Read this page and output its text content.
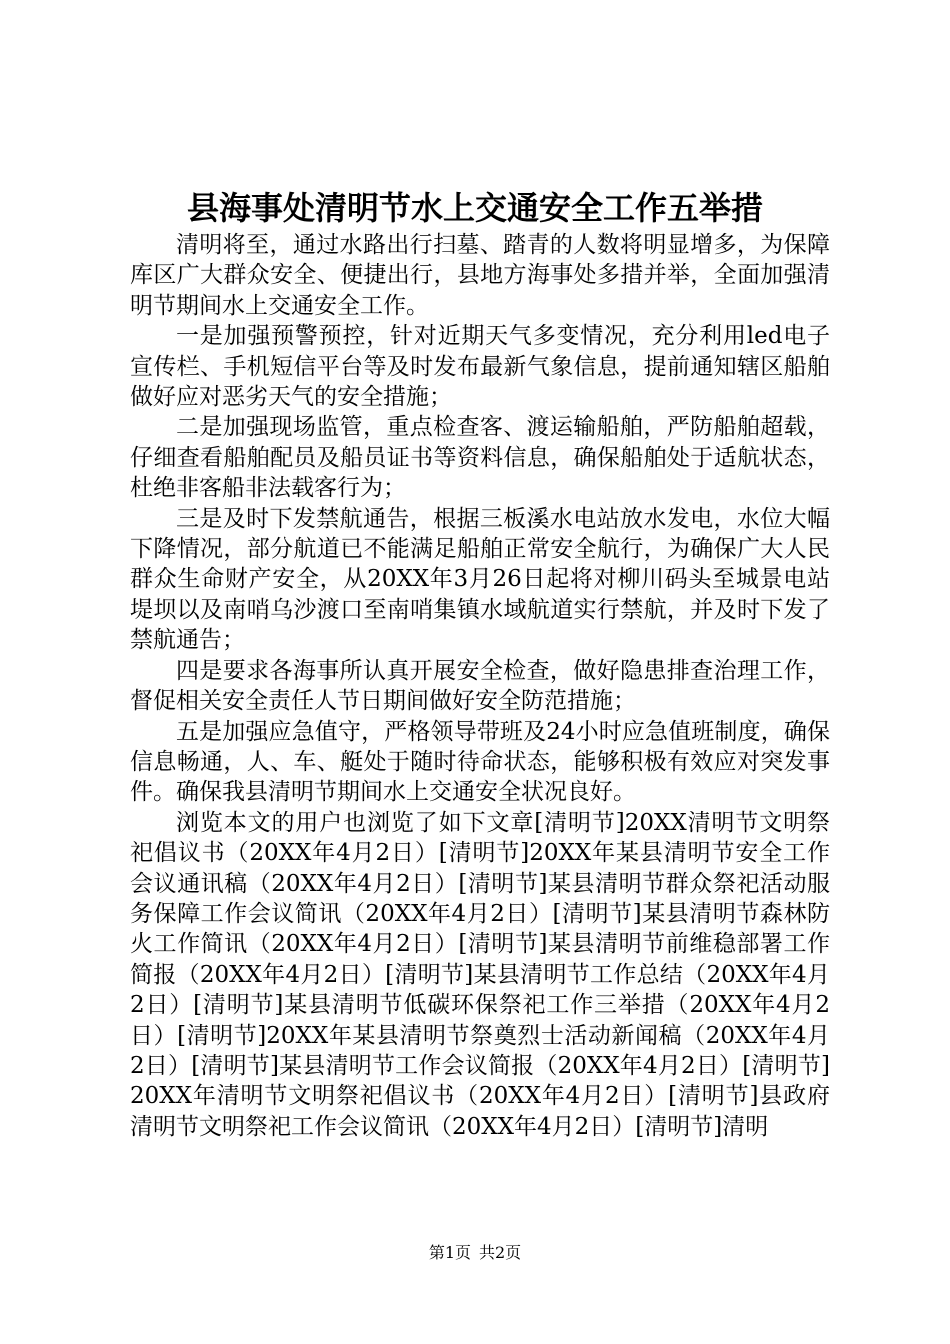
县海事处清明节水上交通安全工作五举措

清明将至，通过水路出行扫墓、踏青的人数将明显增多，为保障库区广大群众安全、便捷出行，县地方海事处多措并举，全面加强清明节期间水上交通安全工作。

一是加强预警预控，针对近期天气多变情况，充分利用led电子宣传栏、手机短信平台等及时发布最新气象信息，提前通知辖区船舶做好应对恶劣天气的安全措施；

二是加强现场监管，重点检查客、渡运输船舶，严防船舶超载，仔细查看船舶配员及船员证书等资料信息，确保船舶处于适航状态，杜绝非客船非法载客行为；

三是及时下发禁航通告，根据三板溪水电站放水发电，水位大幅下降情况，部分航道已不能满足船舶正常安全航行，为确保广大人民群众生命财产安全，从20XX年3月26日起将对柳川码头至城景电站堤坝以及南哨乌沙渡口至南哨集镇水域航道实行禁航，并及时下发了禁航通告；

四是要求各海事所认真开展安全检查，做好隐患排查治理工作，督促相关安全责任人节日期间做好安全防范措施；

五是加强应急值守，严格领导带班及24小时应急值班制度，确保信息畅通，人、车、艇处于随时待命状态，能够积极有效应对突发事件。确保我县清明节期间水上交通安全状况良好。

浏览本文的用户也浏览了如下文章[清明节]20XX清明节文明祭祀倡议书（20XX年4月2日）[清明节]20XX年某县清明节安全工作会议通讯稿（20XX年4月2日）[清明节]某县清明节群众祭祀活动服务保障工作会议简讯（20XX年4月2日）[清明节]某县清明节森林防火工作简讯（20XX年4月2日）[清明节]某县清明节前维稳部署工作简报（20XX年4月2日）[清明节]某县清明节工作总结（20XX年4月2日）[清明节]某县清明节低碳环保祭祀工作三举措（20XX年4月2日）[清明节]20XX年某县清明节祭奠烈士活动新闻稿（20XX年4月2日）[清明节]某县清明节工作会议简报（20XX年4月2日）[清明节]20XX年清明节文明祭祀倡议书（20XX年4月2日）[清明节]县政府清明节文明祭祀工作会议简讯（20XX年4月2日）[清明节]清明

第1页 共2页
